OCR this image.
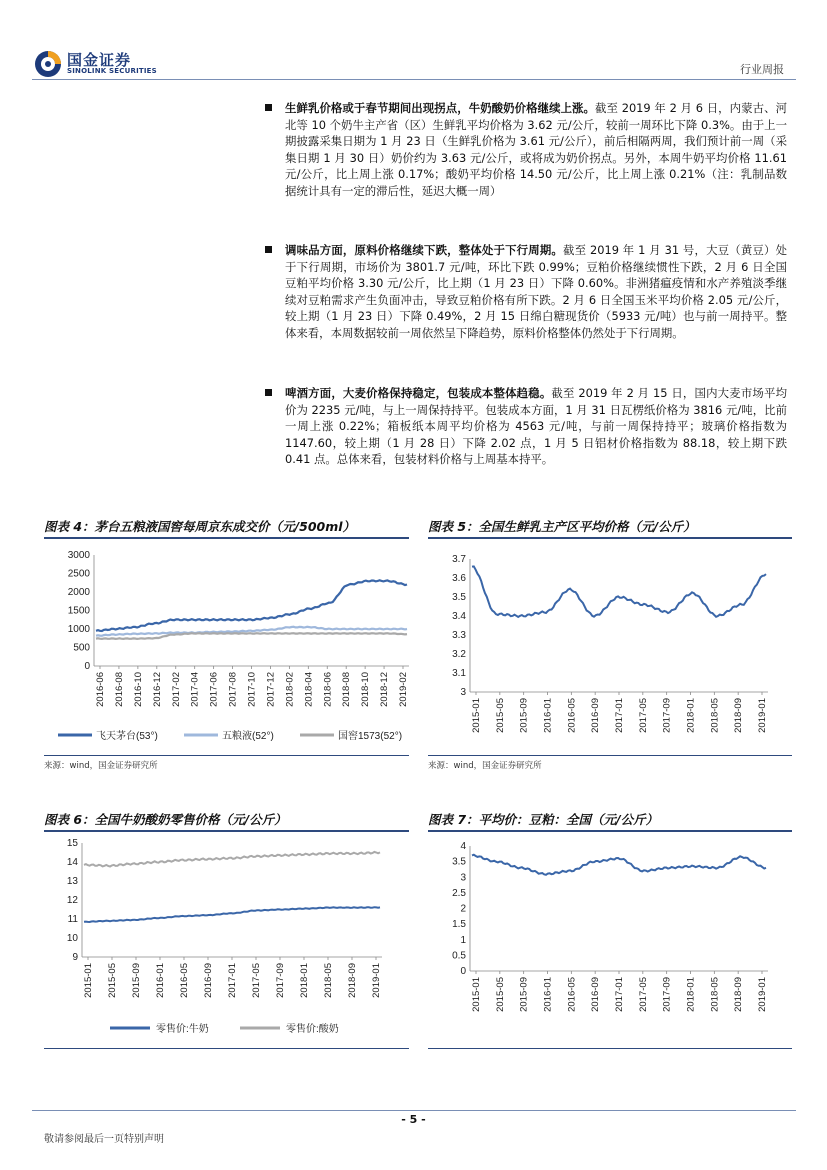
国金证券
SINOLINK SECURITIES	行业周报
生鲜乳价格或于春节期间出现拐点，牛奶酸奶价格继续上涨。截至 2019 年 2 月 6 日，内蒙古、河北等 10 个奶牛主产省（区）生鲜乳平均价格为 3.62 元/公斤，较前一周环比下降 0.3%。由于上一期披露采集日期为 1 月 23 日（生鲜乳价格为 3.61 元/公斤），前后相隔两周，我们预计前一周（采集日期 1 月 30 日）奶价约为 3.63 元/公斤，或将成为奶价拐点。另外，本周牛奶平均价格 11.61 元/公斤，比上周上涨 0.17%；酸奶平均价格 14.50 元/公斤，比上周上涨 0.21%（注：乳制品数据统计具有一定的滞后性，延迟大概一周）
调味品方面，原料价格继续下跌，整体处于下行周期。截至 2019 年 1 月 31 号，大豆（黄豆）处于下行周期，市场价为 3801.7 元/吨，环比下跌 0.99%；豆粕价格继续惯性下跌，2 月 6 日全国豆粕平均价格 3.30 元/公斤，比上期（1 月 23 日）下降 0.60%。非洲猪瘟疫情和水产养殖淡季继续对豆粕需求产生负面冲击，导致豆粕价格有所下跌。2 月 6 日全国玉米平均价格 2.05 元/公斤，较上期（1 月 23 日）下降 0.49%，2 月 15 日绵白糖现货价（5933 元/吨）也与前一周持平。整体来看，本周数据较前一周依然呈下降趋势，原料价格整体仍然处于下行周期。
啤酒方面，大麦价格保持稳定，包装成本整体趋稳。截至 2019 年 2 月 15 日，国内大麦市场平均价为 2235 元/吨，与上一周保持持平。包装成本方面，1 月 31 日瓦楞纸价格为 3816 元/吨，比前一周上涨 0.22%；箱板纸本周平均价格为 4563 元/吨，与前一周保持持平；玻璃价格指数为 1147.60，较上期（1 月 28 日）下降 2.02 点，1 月 5 日铝材价格指数为 88.18，较上期下跌 0.41 点。总体来看，包装材料价格与上周基本持平。
图表 4：茅台五粮液国窖每周京东成交价（元/500ml）
0
500
1000
1500
2000
2500
3000
2016-06 2016-08 2016-10 2016-12 2017-02 2017-04 2017-06 2017-08 2017-10 2017-12 2018-02 2018-04 2018-06 2018-08 2018-10 2018-12 2019-02
飞天茅台(53°)	五粮液(52°)	国窖1573(52°)
来源：wind，国金证券研究所
图表 5：全国生鲜乳主产区平均价格（元/公斤）
3
3.1
3.2
3.3
3.4
3.5
3.6
3.7
2015-01 2015-05 2015-09 2016-01 2016-05 2016-09 2017-01 2017-05 2017-09 2018-01 2018-05 2018-09 2019-01
来源：wind，国金证券研究所
图表 6：全国牛奶酸奶零售价格（元/公斤）
9
10
11
12
13
14
15
2015-01 2015-05 2015-09 2016-01 2016-05 2016-09 2017-01 2017-05 2017-09 2018-01 2018-05 2018-09 2019-01
零售价:牛奶	零售价:酸奶
图表 7：平均价：豆粕：全国（元/公斤）
0
0.5
1
1.5
2
2.5
3
3.5
4
2015-01 2015-05 2015-09 2016-01 2016-05 2016-09 2017-01 2017-05 2017-09 2018-01 2018-05 2018-09 2019-01
- 5 -
敬请参阅最后一页特别声明
